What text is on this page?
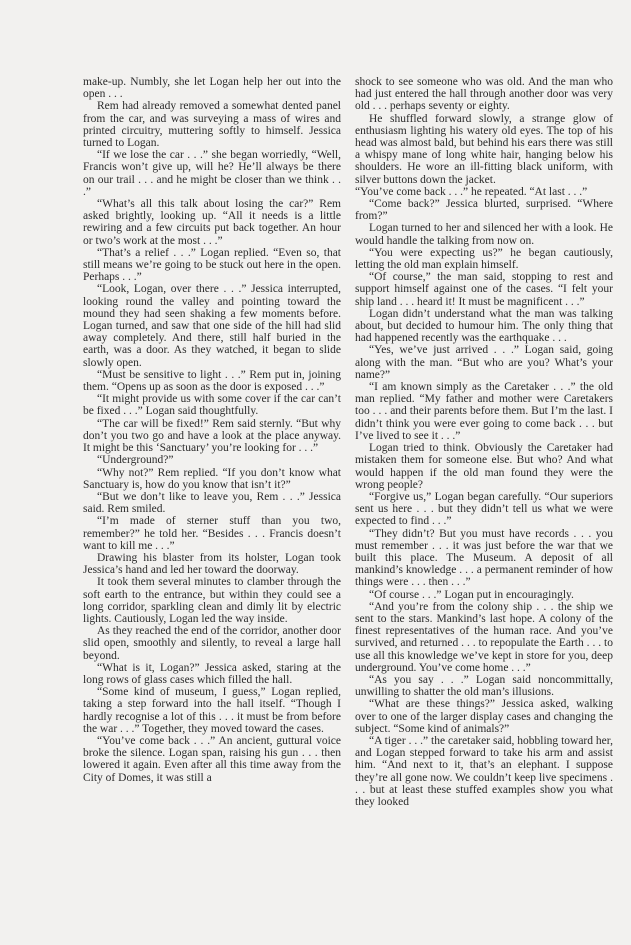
make-up. Numbly, she let Logan help her out into the open . . .

Rem had already removed a somewhat dented panel from the car, and was surveying a mass of wires and printed circuitry, muttering softly to himself. Jessica turned to Logan.

“If we lose the car . . .” she began worriedly, “Well, Francis won’t give up, will he? He’ll always be there on our trail . . . and he might be closer than we think . . .”

“What’s all this talk about losing the car?” Rem asked brightly, looking up. “All it needs is a little rewiring and a few circuits put back together. An hour or two’s work at the most . . .”

“That’s a relief . . .” Logan replied. “Even so, that still means we’re going to be stuck out here in the open. Perhaps . . .”

“Look, Logan, over there . . .” Jessica interrupted, looking round the valley and pointing toward the mound they had seen shaking a few moments before. Logan turned, and saw that one side of the hill had slid away completely. And there, still half buried in the earth, was a door. As they watched, it began to slide slowly open.

“Must be sensitive to light . . .” Rem put in, joining them. “Opens up as soon as the door is exposed . . .”

“It might provide us with some cover if the car can’t be fixed . . .” Logan said thoughtfully.

“The car will be fixed!” Rem said sternly. “But why don’t you two go and have a look at the place anyway. It might be this ‘Sanctuary’ you’re looking for . . .”

“Underground?”

“Why not?” Rem replied. “If you don’t know what Sanctuary is, how do you know that isn’t it?”

“But we don’t like to leave you, Rem . . .” Jessica said. Rem smiled.

“I’m made of sterner stuff than you two, remember?” he told her. “Besides . . . Francis doesn’t want to kill me . . .”

Drawing his blaster from its holster, Logan took Jessica’s hand and led her toward the doorway.

It took them several minutes to clamber through the soft earth to the entrance, but within they could see a long corridor, sparkling clean and dimly lit by electric lights. Cautiously, Logan led the way inside.

As they reached the end of the corridor, another door slid open, smoothly and silently, to reveal a large hall beyond.

“What is it, Logan?” Jessica asked, staring at the long rows of glass cases which filled the hall.

“Some kind of museum, I guess,” Logan replied, taking a step forward into the hall itself. “Though I hardly recognise a lot of this . . . it must be from before the war . . .” Together, they moved toward the cases.

“You’ve come back . . .” An ancient, guttural voice broke the silence. Logan span, raising his gun . . . then lowered it again. Even after all this time away from the City of Domes, it was still a

shock to see someone who was old. And the man who had just entered the hall through another door was very old . . . perhaps seventy or eighty.

He shuffled forward slowly, a strange glow of enthusiasm lighting his watery old eyes. The top of his head was almost bald, but behind his ears there was still a whispy mane of long white hair, hanging below his shoulders. He wore an ill-fitting black uniform, with silver buttons down the jacket.

“You’ve come back . . .” he repeated. “At last . . .”

“Come back?” Jessica blurted, surprised. “Where from?”

Logan turned to her and silenced her with a look. He would handle the talking from now on.

“You were expecting us?” he began cautiously, letting the old man explain himself.

“Of course,” the man said, stopping to rest and support himself against one of the cases. “I felt your ship land . . . heard it! It must be magnificent . . .”

Logan didn’t understand what the man was talking about, but decided to humour him. The only thing that had happened recently was the earthquake . . .

“Yes, we’ve just arrived . . .” Logan said, going along with the man. “But who are you? What’s your name?”

“I am known simply as the Caretaker . . .” the old man replied. “My father and mother were Caretakers too . . . and their parents before them. But I’m the last. I didn’t think you were ever going to come back . . . but I’ve lived to see it . . .”

Logan tried to think. Obviously the Caretaker had mistaken them for someone else. But who? And what would happen if the old man found they were the wrong people?

“Forgive us,” Logan began carefully. “Our superiors sent us here . . . but they didn’t tell us what we were expected to find . . .”

“They didn’t? But you must have records . . . you must remember . . . it was just before the war that we built this place. The Museum. A deposit of all mankind’s knowledge . . . a permanent reminder of how things were . . . then . . .”

“Of course . . .” Logan put in encouragingly.

“And you’re from the colony ship . . . the ship we sent to the stars. Mankind’s last hope. A colony of the finest representatives of the human race. And you’ve survived, and returned . . . to repopulate the Earth . . . to use all this knowledge we’ve kept in store for you, deep underground. You’ve come home . . .”

“As you say . . .” Logan said noncommittally, unwilling to shatter the old man’s illusions.

“What are these things?” Jessica asked, walking over to one of the larger display cases and changing the subject. “Some kind of animals?”

“A tiger . . .” the caretaker said, hobbling toward her, and Logan stepped forward to take his arm and assist him. “And next to it, that’s an elephant. I suppose they’re all gone now. We couldn’t keep live specimens . . . but at least these stuffed examples show you what they looked
